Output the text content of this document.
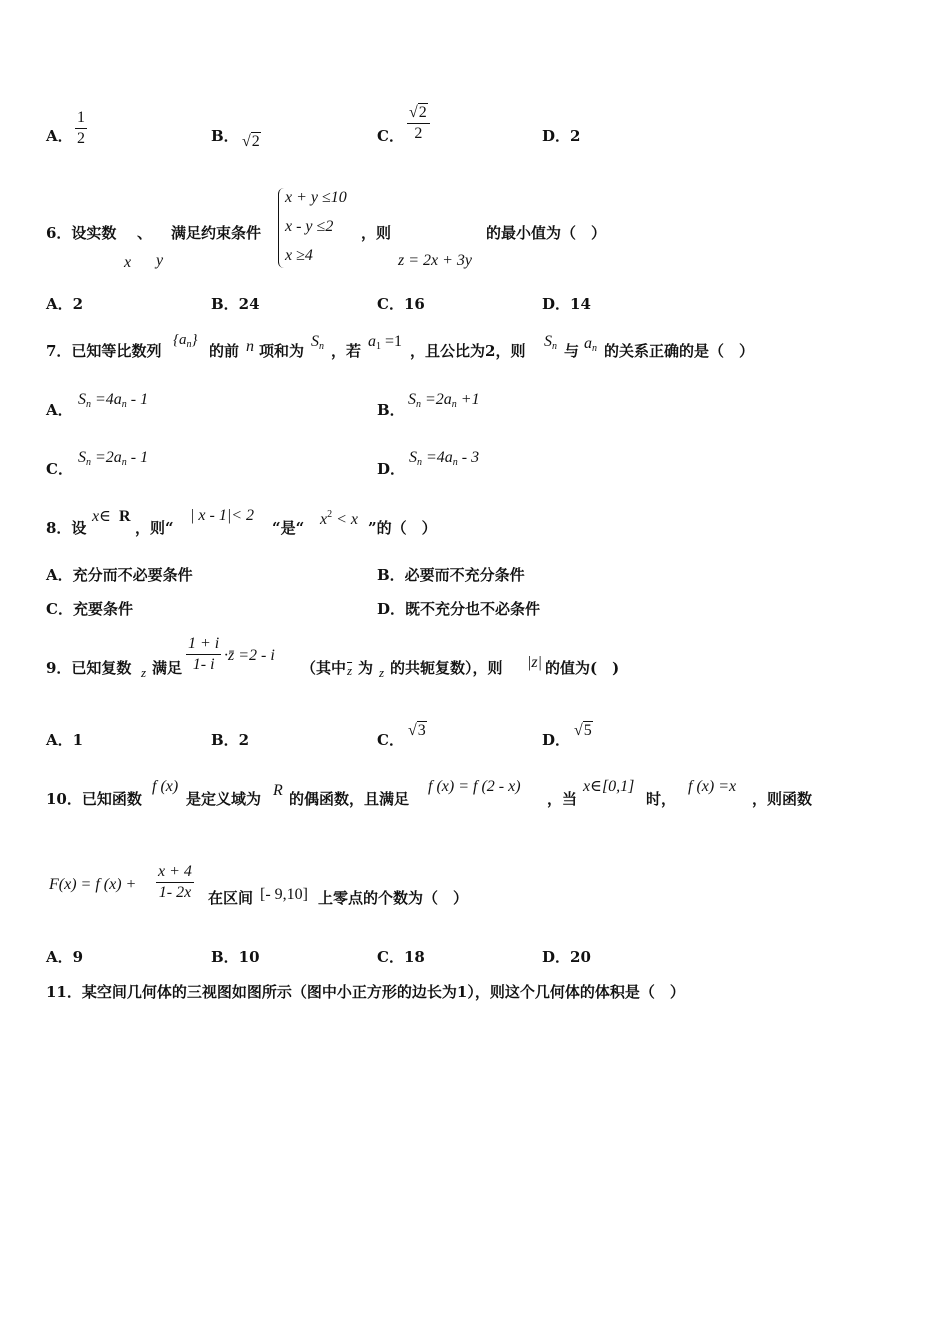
A． $\frac{1}{2}$	B． √2	C． $\frac{√2}{2}$	D．2
6．设实数 、 满足约束条件
x y
x + y ≤10
x - y ≤2
x ≥4
，则
z = 2x + 3y
的最小值为（　）
A．2	B．24	C．16	D．14
7．已知等比数列
$\{a_n\}$
的前 n 项和为
$S_n$ ，若
$a_1 =1$
，且公比为2，则
$S_n$ 与 $a_n$ 的关系正确的是（　）
A．
$S_n =4a_n - 1$
B．
$S_n =2a_n +1$
C．
$S_n =2a_n - 1$
D．
$S_n =4a_n - 3$
8．设
x∈ R
，则“
| x - 1|< 2
“是“ $x^2 < x$ ”的（　）
A．充分而不必要条件	B．必要而不充分条件
C．充要条件	D．既不充分也不必条件
9．已知复数 z 满足 $\frac{1 + i}{1- i}$ ·z̄ =2 - i
（其中 $\overline{z}$ 为 z 的共轭复数），则 |z| 的值为(　)
A．1	B．2	C．
√3
D．
√5
10．已知函数
f (x)
是定义域为 R 的偶函数，且满足
f (x) = f (2 - x)
，当
x∈[0,1]
时，
f (x) =x
，则函数
F(x) = f $(x) + \frac{x + 4}{1- 2x}$ 在区间 [- 9,10] 上零点的个数为（　）
A．9	B．10	C．18	D．20
11．某空间几何体的三视图如图所示（图中小正方形的边长为1），则这个几何体的体积是（　）
